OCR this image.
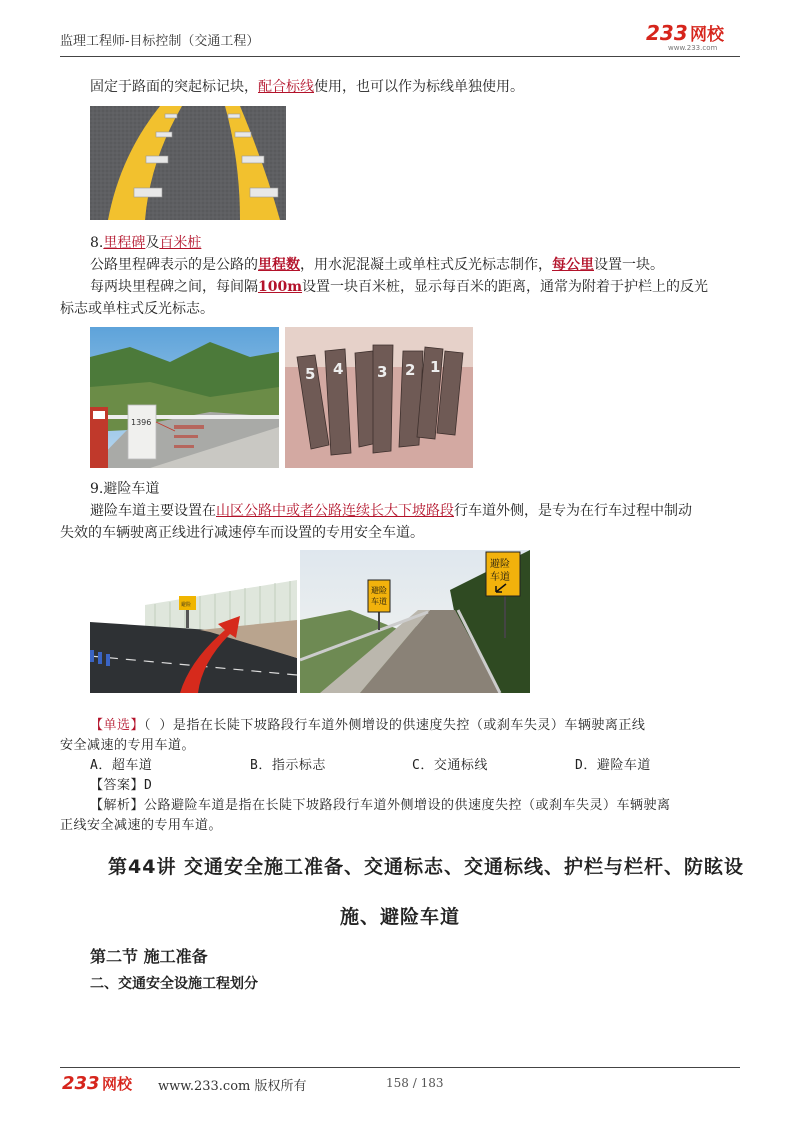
监理工程师-目标控制（交通工程）	233 网校
www.233.com
固定于路面的突起标记块，配合标线使用，也可以作为标线单独使用。
8.里程碑及百米桩
公路里程碑表示的是公路的里程数，用水泥混凝土或单柱式反光标志制作，每公里设置一块。
每两块里程碑之间，每间隔100m设置一块百米桩，显示每百米的距离，通常为附着于护栏上的反光
标志或单柱式反光标志。
1396
5 4 3 2 1
9.避险车道
避险车道主要设置在山区公路中或者公路连续长大下坡路段行车道外侧，是专为在行车过程中制动
失效的车辆驶离正线进行减速停车而设置的专用安全车道。
避险
避险
车道
避险
车道
【单选】（ ）是指在长陡下坡路段行车道外侧增设的供速度失控（或刹车失灵）车辆驶离正线
安全减速的专用车道。
A．超车道	B．指示标志	C．交通标线	D．避险车道
【答案】D
【解析】公路避险车道是指在长陡下坡路段行车道外侧增设的供速度失控（或刹车失灵）车辆驶离
正线安全减速的专用车道。
第44讲 交通安全施工准备、交通标志、交通标线、护栏与栏杆、防眩设
施、避险车道
第二节 施工准备
二、交通安全设施工程划分
233 网校 www.233.com 版权所有	158 / 183
